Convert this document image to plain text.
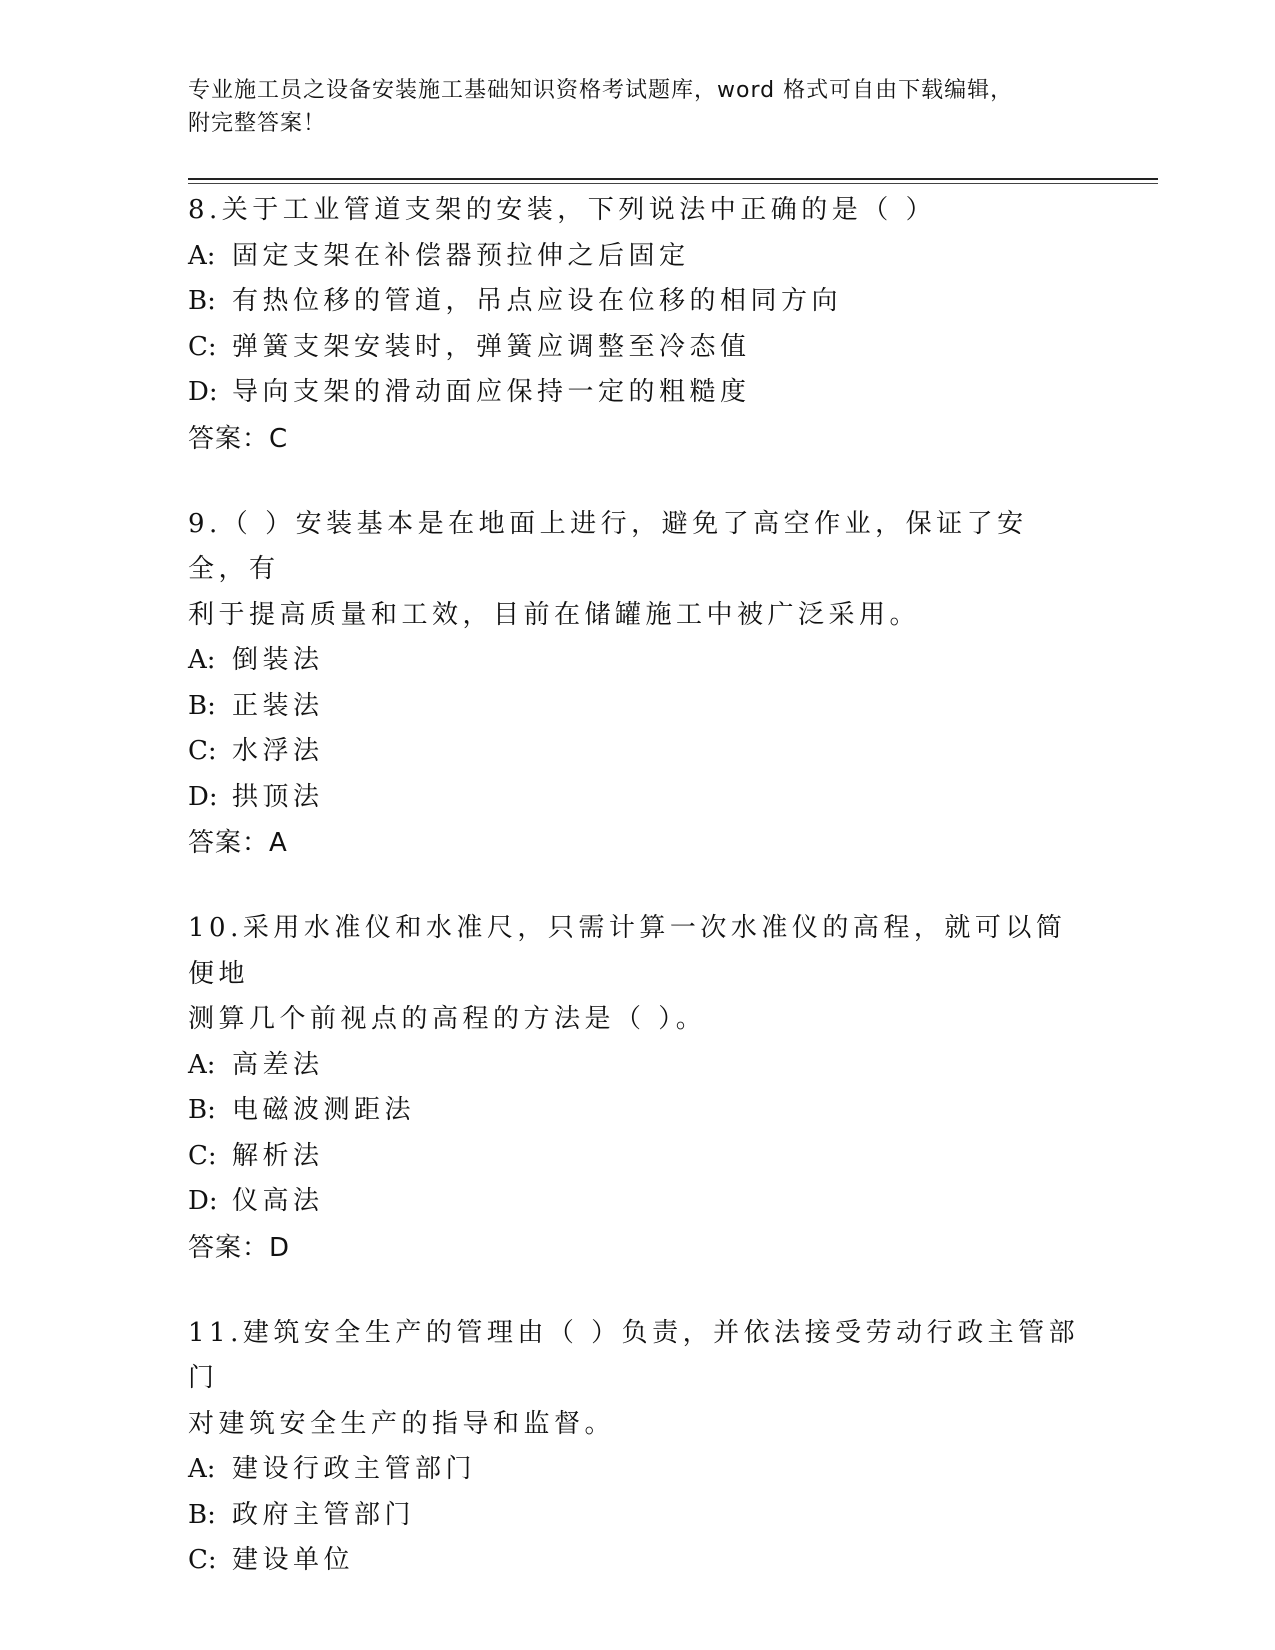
专业施工员之设备安装施工基础知识资格考试题库，word 格式可自由下载编辑，
附完整答案！
8.关于工业管道支架的安装，下列说法中正确的是（ ）
A: 固定支架在补偿器预拉伸之后固定
B: 有热位移的管道，吊点应设在位移的相同方向
C: 弹簧支架安装时，弹簧应调整至冷态值
D: 导向支架的滑动面应保持一定的粗糙度
答案：C
9.（ ）安装基本是在地面上进行，避免了高空作业，保证了安全，有
利于提高质量和工效，目前在储罐施工中被广泛采用。
A: 倒装法
B: 正装法
C: 水浮法
D: 拱顶法
答案：A
10.采用水准仪和水准尺，只需计算一次水准仪的高程，就可以简便地
测算几个前视点的高程的方法是（ ）。
A: 高差法
B: 电磁波测距法
C: 解析法
D: 仪高法
答案：D
11.建筑安全生产的管理由（ ）负责，并依法接受劳动行政主管部门
对建筑安全生产的指导和监督。
A: 建设行政主管部门
B: 政府主管部门
C: 建设单位
